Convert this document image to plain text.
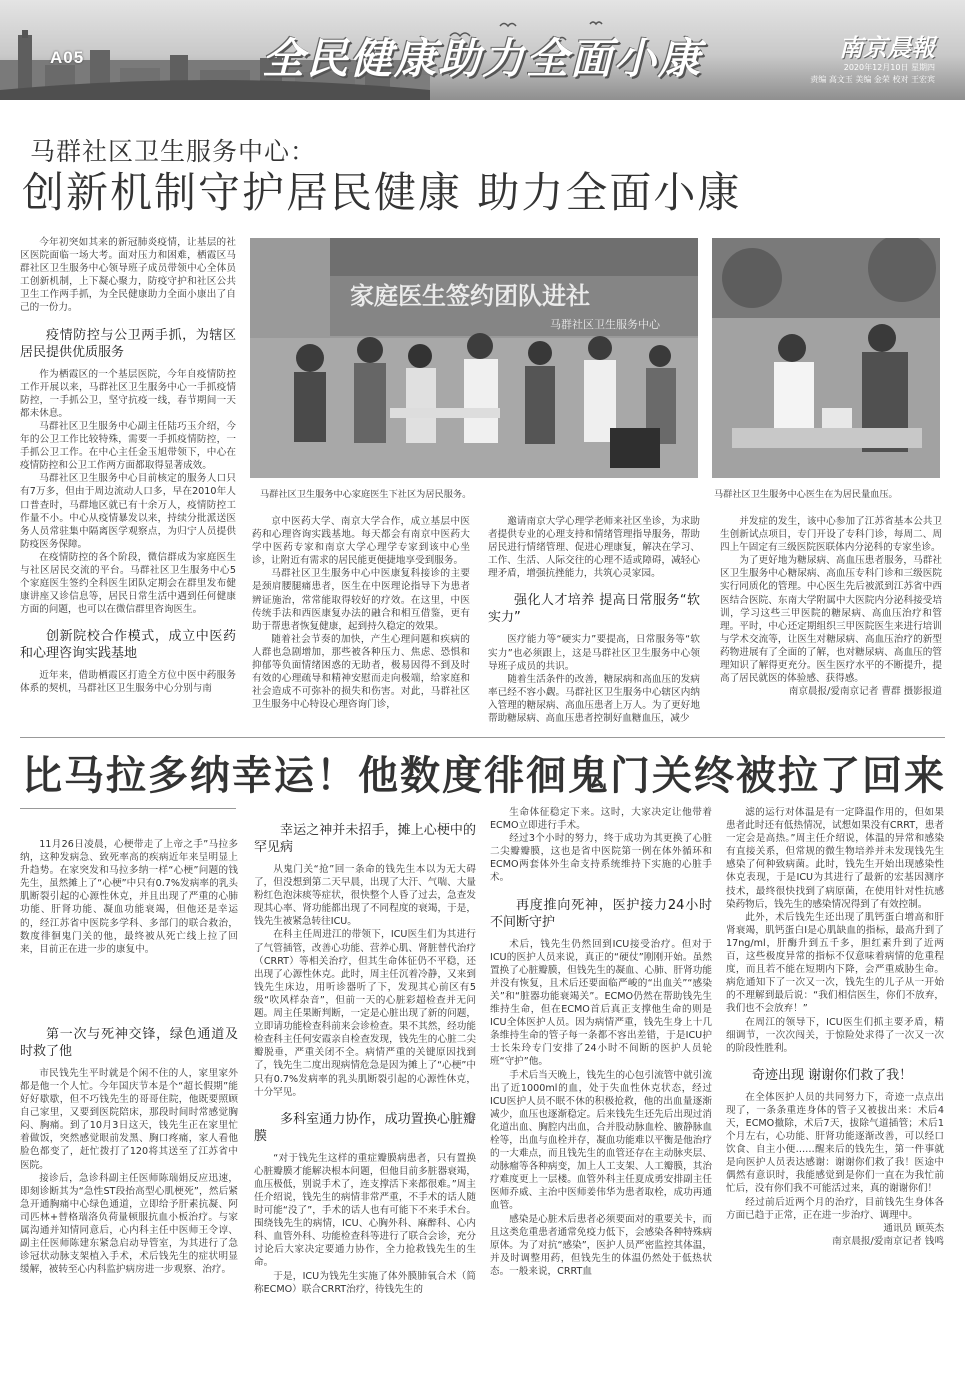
A05	全民健康助力全面小康	南京晨報
2020年12月10日 星期四
责编 高文玉 美编 金荣 校对 王宏宾
马群社区卫生服务中心：
创新机制守护居民健康 助力全面小康

今年初突如其来的新冠肺炎疫情，让基层的社区医院面临一场大考。面对压力和困难，栖霞区马群社区卫生服务中心领导班子成员带领中心全体员工创新机制，上下凝心聚力，防疫守护和社区公共卫生工作两手抓，为全民健康助力全面小康出了自己的一份力。

疫情防控与公卫两手抓，为辖区居民提供优质服务

作为栖霞区的一个基层医院，今年自疫情防控工作开展以来，马群社区卫生服务中心一手抓疫情防控，一手抓公卫，坚守抗疫一线，春节期间一天都未休息。

马群社区卫生服务中心副主任陆巧玉介绍，今年的公卫工作比较特殊，需要一手抓疫情防控，一手抓公卫工作。在中心主任金玉旭带领下，中心在疫情防控和公卫工作两方面都取得显著成效。

马群社区卫生服务中心目前核定的服务人口只有7万多，但由于周边流动人口多，早在2010年人口普查时，马群地区就已有十余万人，疫情防控工作量不小。中心从疫情暴发以来，持续分批派送医务人员常驻集中隔离医学观察点，为归宁人员提供防疫医务保障。

在疫情防控的各个阶段，微信群成为家庭医生与社区居民交流的平台。马群社区卫生服务中心5个家庭医生签约全科医生团队定期会在群里发布健康讲座又诊信息等，居民日常生活中遇到任何健康方面的问题，也可以在微信群里咨询医生。

创新院校合作模式，成立中医药和心理咨询实践基地

近年来，借助栖霞区打造全方位中医中药服务体系的契机，马群社区卫生服务中心分别与南

家庭医生签约团队进社
马群社区卫生服务中心
马群社区卫生服务中心家庭医生下社区为居民服务。	马群社区卫生服务中心医生在为居民量血压。

京中医药大学、南京大学合作，成立基层中医药和心理咨询实践基地。每天都会有南京中医药大学中医药专家和南京大学心理学专家到该中心坐诊，让附近有需求的居民能更便捷地享受到服务。

马群社区卫生服务中心中医康复科接诊的主要是颈肩腰腿痛患者，医生在中医理论指导下为患者辨证施治，常常能取得较好的疗效。在这里，中医传统手法和西医康复办法的融合和相互借鉴，更有助于帮患者恢复健康，起到持久稳定的效果。

随着社会节奏的加快，产生心理问题和疾病的人群也急剧增加，那些被各种压力、焦虑、恐惧和抑郁等负面情绪困惑的无助者，极易因得不到及时有效的心理疏导和精神安慰而走向极端，给家庭和社会造成不可弥补的损失和伤害。对此，马群社区卫生服务中心特设心理咨询门诊，

邀请南京大学心理学老师来社区坐诊，为求助者提供专业的心理支持和情绪管理指导服务，帮助居民进行情绪管理、促进心理康复，解决在学习、工作、生活、人际交往的心理不适或障碍，减轻心理矛盾，增强抗挫能力，共筑心灵家园。

强化人才培养 提高日常服务“软实力”

医疗能力等“硬实力”要提高，日常服务等“软实力”也必须跟上，这是马群社区卫生服务中心领导班子成员的共识。

随着生活条件的改善，糖尿病和高血压的发病率已经不容小觑。马群社区卫生服务中心辖区内纳入管理的糖尿病、高血压患者上万人。为了更好地帮助糖尿病、高血压患者控制好血糖血压，减少

并发症的发生，该中心参加了江苏省基本公共卫生创新试点项目，专门开设了专科门诊，每周二、周四上午固定有三级医院医联体内分泌科的专家坐诊。

为了更好地为糖尿病、高血压患者服务，马群社区卫生服务中心糖尿病、高血压专科门诊和三级医院实行同质化的管理。中心医生先后被派到江苏省中西医结合医院、东南大学附属中大医院内分泌科接受培训，学习这些三甲医院的糖尿病、高血压治疗和管理。平时，中心还定期组织三甲医院医生来进行培训与学术交流等，让医生对糖尿病、高血压治疗的新型药物进展有了全面的了解，也对糖尿病、高血压的管理知识了解得更充分。医生医疗水平的不断提升，提高了居民就医的体验感、获得感。

南京晨报/爱南京记者 曹群 摄影报道

比马拉多纳幸运！他数度徘徊鬼门关终被拉了回来

11月26日凌晨，心梗带走了上帝之手”马拉多纳，这种发病急、致死率高的疾病近年来呈明显上升趋势。在家突发和马拉多纳一样“心梗”问题的钱先生，虽然摊上了“心梗”中只有0.7%发病率的乳头肌断裂引起的心源性休克，并且出现了严重的心肺功能、肝肾功能、凝血功能衰竭，但他还是幸运的，经江苏省中医院多学科、多部门的联合救治，数度徘徊鬼门关的他，最终被从死亡线上拉了回来，目前正在进一步的康复中。

第一次与死神交锋，绿色通道及时救了他

市民钱先生平时就是个闲不住的人，家里家外都是他一个人忙。今年国庆节本是个“超长假期”能好好歇歇，但不巧钱先生的哥哥住院，他既要照顾自己家里，又要到医院陪床，那段时间时常感觉胸闷、胸痛。到了10月3日这天，钱先生正在家里忙着做饭，突然感觉眼前发黑、胸口疼痛，家人看他脸色都变了，赶忙拨打了120将其送至了江苏省中医院。

接诊后，急诊科副主任医师陈瑞娟反应迅速，即刻诊断其为“急性ST段抬高型心肌梗死”，然后紧急开通胸痛中心绿色通道，立即给予肝素抗凝、阿司匹林+替格瑞洛负荷量顿服抗血小板治疗。与家属沟通并知情同意后，心内科主任中医师王令谆、副主任医师陈建东紧急启动导管室，为其进行了急诊冠状动脉支架植入手术，术后钱先生的症状明显缓解，被转至心内科监护病房进一步观察、治疗。

幸运之神并未招手，摊上心梗中的罕见病

从鬼门关“抢”回一条命的钱先生本以为无大碍了，但没想到第二天早晨，出现了大汗、气喘、大量粉红色泡沫痰等症状，很快整个人昏了过去，急查发现其心率、肾功能都出现了不同程度的衰竭，于是，钱先生被紧急转往ICU。

在科主任周进江的带领下，ICU医生们为其进行了气管插管，改善心功能、营养心肌、肾脏替代治疗（CRRT）等相关治疗，但其生命体征仍不平稳，还出现了心源性休克。此时，周主任沉着冷静，又来到钱先生床边，用听诊器听了下，发现其心前区有5级“吹风样杂音”，但前一天的心脏彩超检查并无问题。周主任果断判断，一定是心脏出现了新的问题，立即请功能检查科前来会诊检查。果不其然，经功能检查科主任何安霞亲自检查发现，钱先生的心脏二尖瓣脱垂，严重关闭不全。病情严重的关键原因找到了，钱先生二度出现病情危急是因为摊上了“心梗”中只有0.7%发病率的乳头肌断裂引起的心源性休克，十分罕见。

多科室通力协作，成功置换心脏瓣膜

“对于钱先生这样的重症瓣膜病患者，只有置换心脏瓣膜才能解决根本问题，但他目前多脏器衰竭，血压极低，别说手术了，连支撑活下来都很难。”周主任介绍说，钱先生的病情非常严重，不手术的话人随时可能“没了”，手术的话人也有可能下不来手术台。围绕钱先生的病情，ICU、心胸外科、麻醉科、心内科、血管外科、功能检查科等进行了联合会诊，充分讨论后大家决定要通力协作，全力抢救钱先生的生命。

于是，ICU为钱先生实施了体外膜肺氧合术（简称ECMO）联合CRRT治疗，待钱先生的

生命体征稳定下来。这时，大家决定让他带着ECMO立即进行手术。

经过3个小时的努力，终于成功为其更换了心脏二尖瓣瓣膜，这也是省中医院第一例在体外循环和ECMO两套体外生命支持系统维持下实施的心脏手术。

再度推向死神，医护接力24小时不间断守护

术后，钱先生仍然回到ICU接受治疗。但对于ICU的医护人员来说，真正的“硬仗”刚刚开始。虽然置换了心脏瓣膜，但钱先生的凝血、心肺、肝肾功能并没有恢复，且术后还要面临严峻的“出血关”“感染关”和“脏器功能衰竭关”。ECMO仍然在帮助钱先生维持生命，但在ECMO首后真正支撑他生命的则是ICU全体医护人员。因为病情严重，钱先生身上十几条维持生命的管子每一条都不容出差错，于是ICU护士长朱玲专门安排了24小时不间断的医护人员轮班“守护”他。

手术后当天晚上，钱先生的心包引流管中就引流出了近1000ml的血，处于失血性休克状态，经过ICU医护人员不眠不休的积极抢救，他的出血量逐渐减少，血压也逐渐稳定。后来钱先生还先后出现过消化道出血、胸腔内出血，合并股动脉血栓、腋静脉血栓等，出血与血栓并存，凝血功能难以平衡是他治疗的一大难点，而且钱先生的血管还存在主动脉夹层、动脉瘤等各种病变，加上人工支架、人工瓣膜，其治疗难度更上一层楼。血管外科主任夏成勇安排副主任医师乔威、主治中医师姜伟华为患者取栓，成功再通血管。

感染是心脏术后患者必须要面对的重要关卡，而且这类危重患者通常免疫力低下，会感染各种特殊病原体。为了对抗“感染”，医护人员严密监控其体温，并及时调整用药，但钱先生的体温仍然处于低热状态。一般来说，CRRT血

滤的运行对体温是有一定降温作用的，但如果患者此时还有低热情况，试想如果没有CRRT，患者一定会是高热。”周主任介绍说，体温的异常和感染有直接关系，但常规的微生物培养并未发现钱先生感染了何种致病菌。此时，钱先生开始出现感染性休克表现，于是ICU为其进行了最新的宏基因测序技术，最终很快找到了病原菌，在使用针对性抗感染药物后，钱先生的感染情况得到了有效控制。

此外，术后钱先生还出现了肌钙蛋白增高和肝肾衰竭，肌钙蛋白I是心肌缺血的指标，最高升到了17ng/ml，肝酶升到五千多，胆红素升到了近两百，这些极度异常的指标不仅意味着病情的危重程度，而且若不能在短期内下降，会严重威胁生命。病危通知下了一次又一次，钱先生的儿子从一开始的不理解到最后说：“我们相信医生，你们不放弃，我们也不会放弃！”

在周江的领导下，ICU医生们抓主要矛盾，精细调节，一次次闯关，于惊险处求得了一次又一次的阶段性胜利。

奇迹出现 谢谢你们救了我！

在全体医护人员的共同努力下，奇迹一点点出现了，一条条重连身体的管子又被拔出来：术后4天，ECMO撤除，术后7天，拔除气道插管；术后1个月左右，心功能、肝肾功能逐渐改善，可以经口饮食、自主小便……醒来后的钱先生，第一件事就是向医护人员表达感谢：谢谢你们救了我！医途中偶然有意识时，我能感觉到是你们一直在为我忙前忙后，没有你们我不可能活过来，真的谢谢你们！

经过前后近两个月的治疗，目前钱先生身体各方面已趋于正常，正在进一步治疗、调理中。

通讯员 顾英杰

南京晨报/爱南京记者 钱鸣
